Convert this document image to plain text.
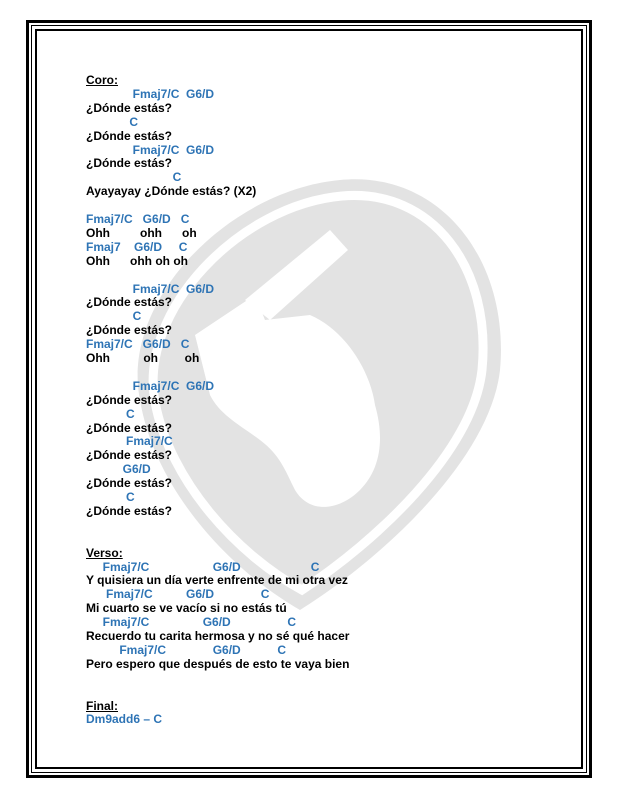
Coro:
Fmaj7/C  G6/D
¿Dónde estás?
C
¿Dónde estás?
Fmaj7/C  G6/D
¿Dónde estás?
C
Ayayayay ¿Dónde estás? (X2)
Fmaj7/C   G6/D   C
Ohh         ohh      oh
Fmaj7    G6/D     C
Ohh      ohh oh oh
Fmaj7/C  G6/D
¿Dónde estás?
C
¿Dónde estás?
Fmaj7/C   G6/D   C
Ohh          oh        oh
Fmaj7/C  G6/D
¿Dónde estás?
C
¿Dónde estás?
Fmaj7/C
¿Dónde estás?
G6/D
¿Dónde estás?
C
¿Dónde estás?
Verso:
Fmaj7/C                   G6/D                     C
Y quisiera un día verte enfrente de mi otra vez
Fmaj7/C          G6/D              C
Mi cuarto se ve vacío si no estás tú
Fmaj7/C                G6/D                 C
Recuerdo tu carita hermosa y no sé qué hacer
Fmaj7/C              G6/D           C
Pero espero que después de esto te vaya bien
Final:
Dm9add6 – C
